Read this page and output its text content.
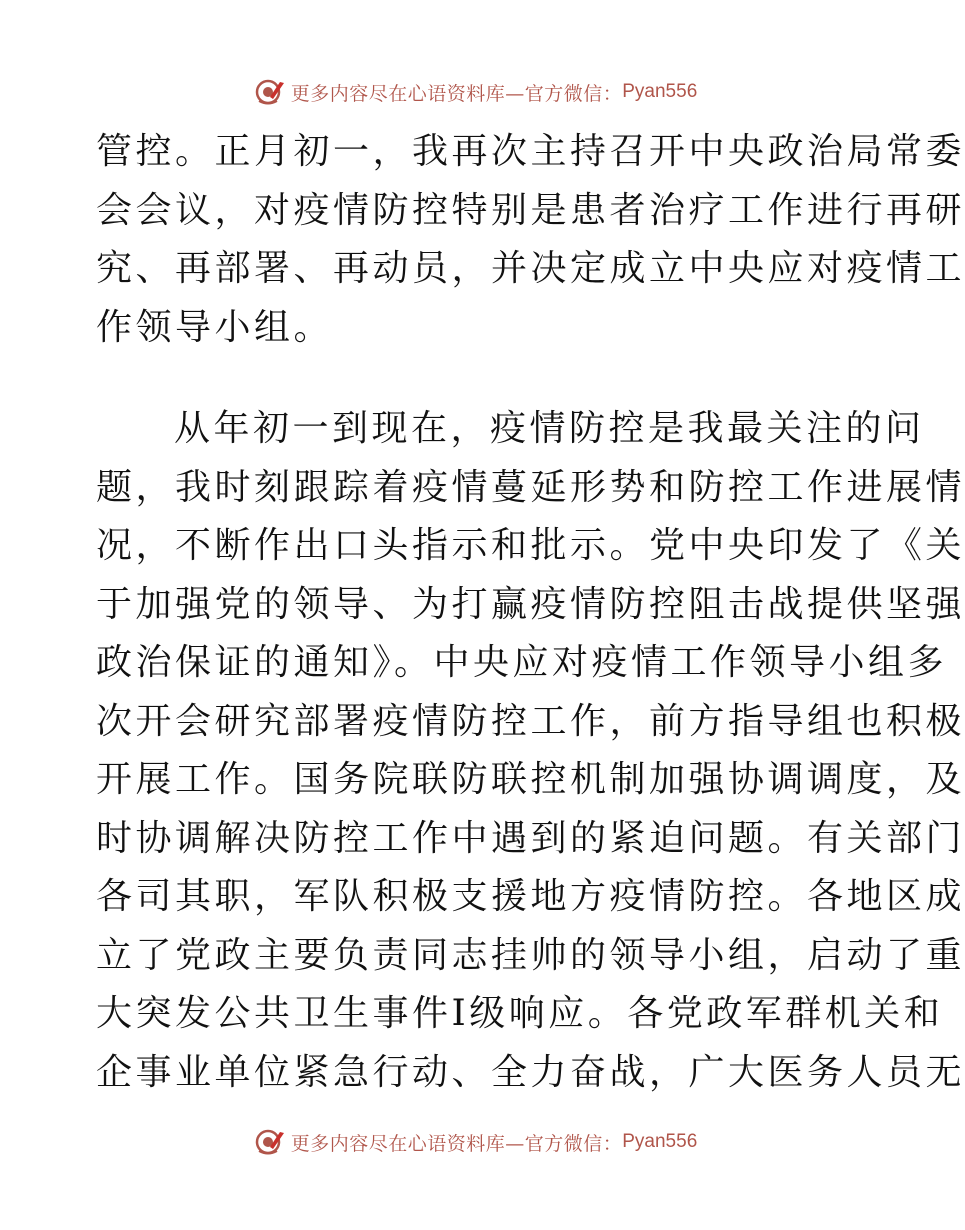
更多内容尽在心语资料库—官方微信： Pyan556
管控。正月初一，我再次主持召开中央政治局常委
会会议，对疫情防控特别是患者治疗工作进行再研
究、再部署、再动员，并决定成立中央应对疫情工
作领导小组。
从年初一到现在，疫情防控是我最关注的问
题，我时刻跟踪着疫情蔓延形势和防控工作进展情
况，不断作出口头指示和批示。党中央印发了《关
于加强党的领导、为打赢疫情防控阻击战提供坚强
政治保证的通知》。中央应对疫情工作领导小组多
次开会研究部署疫情防控工作，前方指导组也积极
开展工作。国务院联防联控机制加强协调调度，及
时协调解决防控工作中遇到的紧迫问题。有关部门
各司其职，军队积极支援地方疫情防控。各地区成
立了党政主要负责同志挂帅的领导小组，启动了重
大突发公共卫生事件Ⅰ级响应。各党政军群机关和
企事业单位紧急行动、全力奋战，广大医务人员无
更多内容尽在心语资料库—官方微信： Pyan556
